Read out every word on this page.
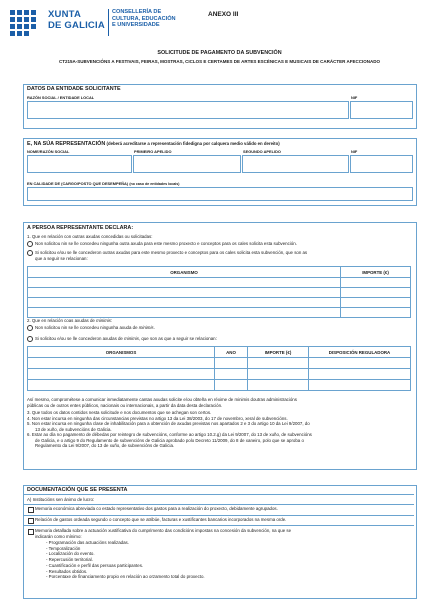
XUNTA
DE GALICIA
CONSELLERÍA DE
CULTURA, EDUCACIÓN
E UNIVERSIDADE
ANEXO III
SOLICITUDE DE PAGAMENTO DA SUBVENCIÓN
CT215A-SUBVENCIÓNS A FESTIVAIS, FEIRAS, MOSTRAS, CICLOS E CERTAMES DE ARTES ESCÉNICAS E MUSICAIS DE CARÁCTER AFECCIONADO
DATOS DA ENTIDADE SOLICITANTE
RAZÓN SOCIAL / ENTIDADE LOCAL	NIF
E, NA SÚA REPRESENTACIÓN (deberá acreditarse a representación fidedigna por calquera medio válido en dereito)
NOME/RAZÓN SOCIAL	PRIMEIRO APELIDO	SEGUNDO APELIDO	NIF
EN CALIDADE DE (CARGO/POSTO QUE DESEMPEÑA) (no caso de entidades locais)
A PERSOA REPRESENTANTE DECLARA:
1. Que en relación con outras axudas concedidas ou solicitadas:
Non solicitou nin se lle concedeu ningunha outra axuda para este mesmo proxecto e conceptos para os cales solicita esta subvención.
Si solicitou e/ou se lle concederon outras axudas para este mesmo proxecto e conceptos para os cales solicita esta subvención, que son as
que a seguir se relacionan:
ORGANISMO	IMPORTE (€)

2. Que en relación coas axudas de minimis:
Non solicitou nin se lle concedeu ningunha axuda de minimis.
Si solicitou e/ou se lle concederon axudas de minimis, que son as que a seguir se relacionan:
ORGANISMOS	ANO	IMPORTE (€)	DISPOSICIÓN REGULADORA

Así mesmo, comprométese a comunicar inmediatamente cantas axudas solicite e/ou obteña en réxime de minimis doutras administracións
públicas ou de outros entes públicos, nacionais ou internacionais, a partir da data desta declaración.
3. Que todos os datos contidos nesta solicitude e nos documentos que se achegan son certos.
4. Non estar incursa en ningunha das circunstancias previstas no artigo 13 da Lei 38/2003, do 17 de novembro, xeral de subvencións.
5. Non estar incursa en ningunha clase de inhabilitación para a obtención de axudas previstas nos apartados 2 e 3 do artigo 10 da Lei 9/2007, do
13 de xuño, de subvencións de Galicia.
6. Estar ao día no pagamento de débedas por reintegro de subvencións, conforme ao artigo 10.2.g) da Lei 9/2007, do 13 de xuño, de subvencións
de Galicia, e o artigo 9 do Regulamento de subvencións de Galicia aprobado polo Decreto 11/2009, do 8 de xaneiro, polo que se aproba o
Regulamento da Lei 9/2007, do 13 de xuño, de subvencións de Galicia.
DOCUMENTACIÓN QUE SE PRESENTA
A) Institucións sen ánimo de lucro:
Memoria económica abreviada co estado representativo dos gastos para a realización do proxecto, debidamente agrupados.
Relación de gastos ordeada segundo o concepto que se atribúe, facturas e xustificantes bancarios incorporados na mesma orde.
Memoria detallada sobre a actuación xustificativa do cumprimento das condicións impostas na concesión da subvención, na que se
indicarán como mínimo:
- Programación das actuacións realizadas.
- Temporalización
- Localización do evento.
- Repercusión territorial.
- Cuantificación e perfil das persoas participantes.
- Resultados obtidos.
- Porcentaxe de financiamento propio en relación ao orzamento total do proxecto.
